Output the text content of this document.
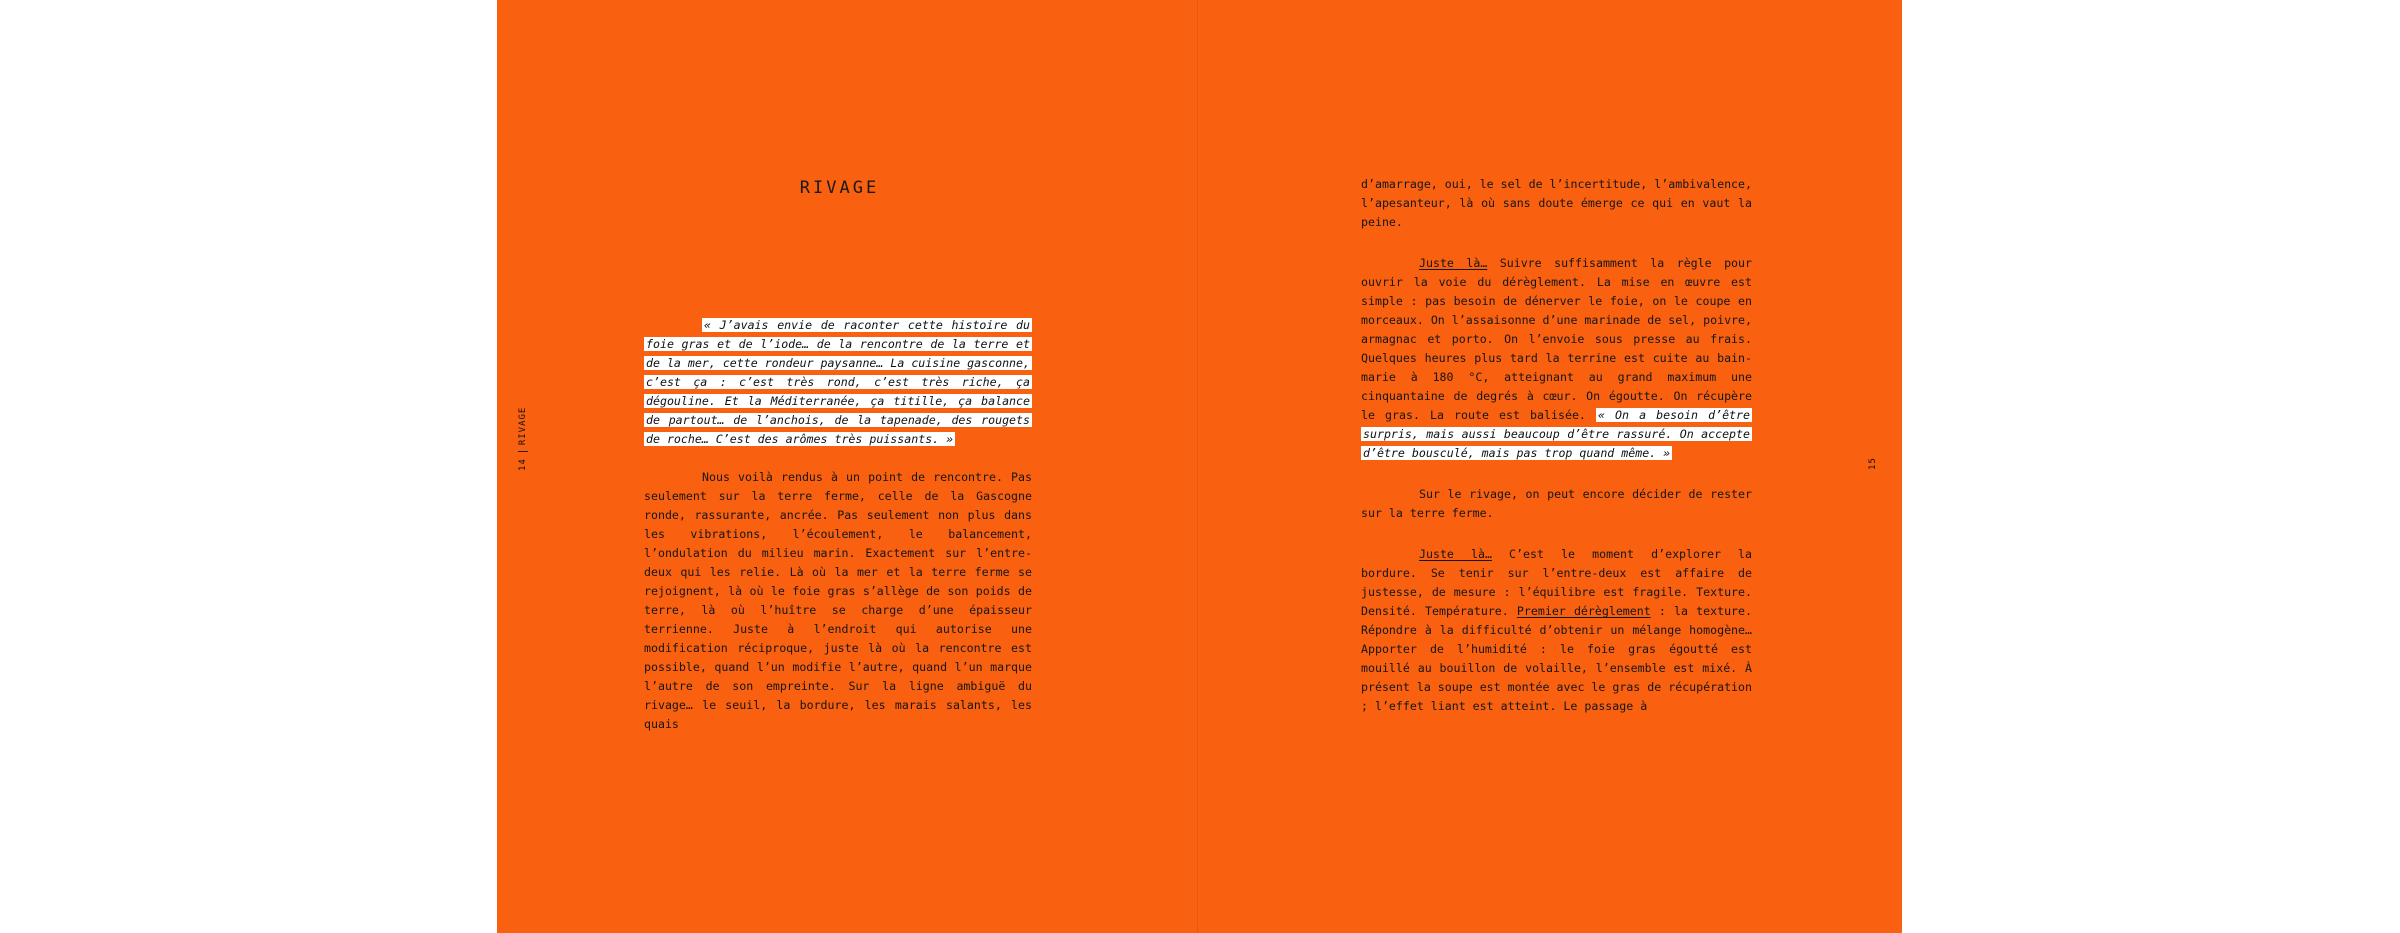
14
RIVAGE
RIVAGE
« J’avais envie de raconter cette histoire du foie gras et de l’iode… de la rencontre de la terre et de la mer, cette rondeur paysanne… La cuisine gasconne, c’est ça : c’est très rond, c’est très riche, ça dégouline. Et la Méditerranée, ça titille, ça balance de partout… de l’anchois, de la tapenade, des rougets de roche… C’est des arômes très puissants. »

Nous voilà rendus à un point de rencontre. Pas seulement sur la terre ferme, celle de la Gascogne ronde, rassurante, ancrée. Pas seulement non plus dans les vibrations, l’écoulement, le balancement, l’ondulation du milieu marin. Exactement sur l’entre-deux qui les relie. Là où la mer et la terre ferme se rejoignent, là où le foie gras s’allège de son poids de terre, là où l’huître se charge d’une épaisseur terrienne. Juste à l’endroit qui autorise une modification réciproque, juste là où la rencontre est possible, quand l’un modifie l’autre, quand l’un marque l’autre de son empreinte. Sur la ligne ambiguë du rivage… le seuil, la bordure, les marais salants, les quais

15

d’amarrage, oui, le sel de l’incertitude, l’ambivalence, l’apesanteur, là où sans doute émerge ce qui en vaut la peine.

Juste là… Suivre suffisamment la règle pour ouvrir la voie du dérèglement. La mise en œuvre est simple : pas besoin de dénerver le foie, on le coupe en morceaux. On l’assaisonne d’une marinade de sel, poivre, armagnac et porto. On l’envoie sous presse au frais. Quelques heures plus tard la terrine est cuite au bain-marie à 180 °C, atteignant au grand maximum une cinquantaine de degrés à cœur. On égoutte. On récupère le gras. La route est balisée. « On a besoin d’être surpris, mais aussi beaucoup d’être rassuré. On accepte d’être bousculé, mais pas trop quand même. »

Sur le rivage, on peut encore décider de rester sur la terre ferme.

Juste là… C’est le moment d’explorer la bordure. Se tenir sur l’entre-deux est affaire de justesse, de mesure : l’équilibre est fragile. Texture. Densité. Température. Premier dérèglement : la texture. Répondre à la difficulté d’obtenir un mélange homogène… Apporter de l’humidité : le foie gras égoutté est mouillé au bouillon de volaille, l’ensemble est mixé. À présent la soupe est montée avec le gras de récupération ; l’effet liant est atteint. Le passage à
